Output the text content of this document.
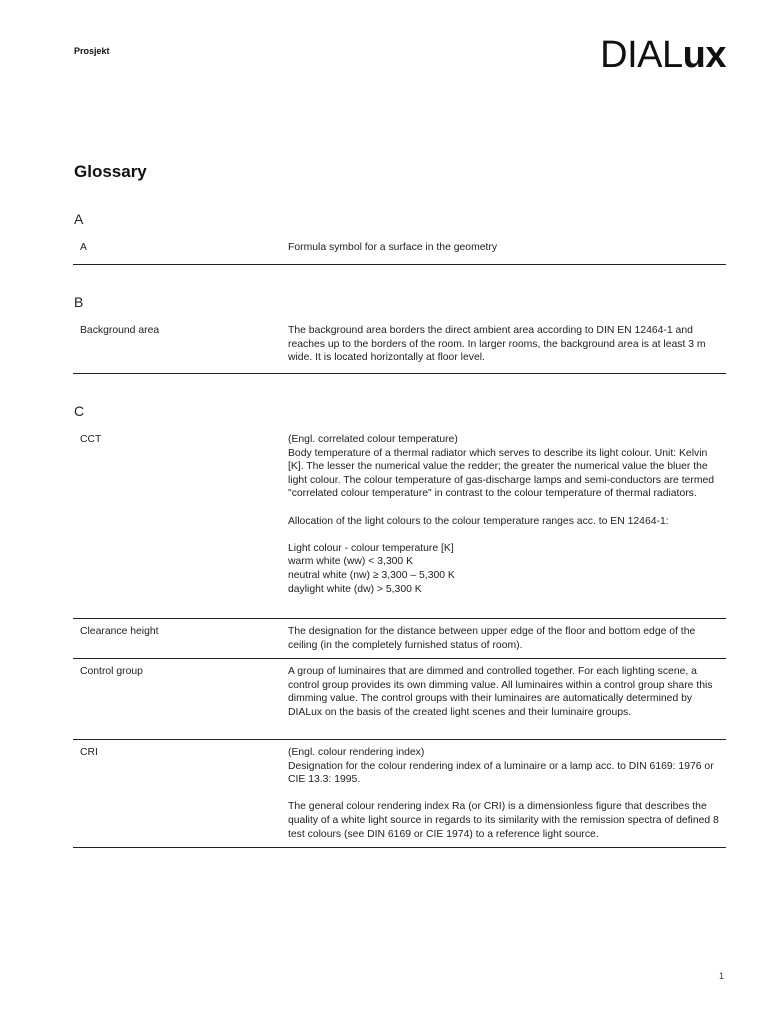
Prosjekt	DIALux
Glossary
A
A	Formula symbol for a surface in the geometry

B
Background area	The background area borders the direct ambient area according to DIN EN 12464-1 and reaches up to the borders of the room. In larger rooms, the background area is at least 3 m wide. It is located horizontally at floor level.

C
CCT	(Engl. correlated colour temperature)
Body temperature of a thermal radiator which serves to describe its light colour. Unit: Kelvin [K]. The lesser the numerical value the redder; the greater the numerical value the bluer the light colour. The colour temperature of gas-discharge lamps and semi-conductors are termed "correlated colour temperature" in contrast to the colour temperature of thermal radiators.

Allocation of the light colours to the colour temperature ranges acc. to EN 12464-1:

Light colour - colour temperature [K]
warm white (ww) < 3,300 K
neutral white (nw) ≥ 3,300 – 5,300 K
daylight white (dw) > 5,300 K

Clearance height	The designation for the distance between upper edge of the floor and bottom edge of the ceiling (in the completely furnished status of room).

Control group	A group of luminaires that are dimmed and controlled together. For each lighting scene, a control group provides its own dimming value. All luminaires within a control group share this dimming value. The control groups with their luminaires are automatically determined by DIALux on the basis of the created light scenes and their luminaire groups.

CRI	(Engl. colour rendering index)
Designation for the colour rendering index of a luminaire or a lamp acc. to DIN 6169: 1976 or CIE 13.3: 1995.

The general colour rendering index Ra (or CRI) is a dimensionless figure that describes the quality of a white light source in regards to its similarity with the remission spectra of defined 8 test colours (see DIN 6169 or CIE 1974) to a reference light source.

1
